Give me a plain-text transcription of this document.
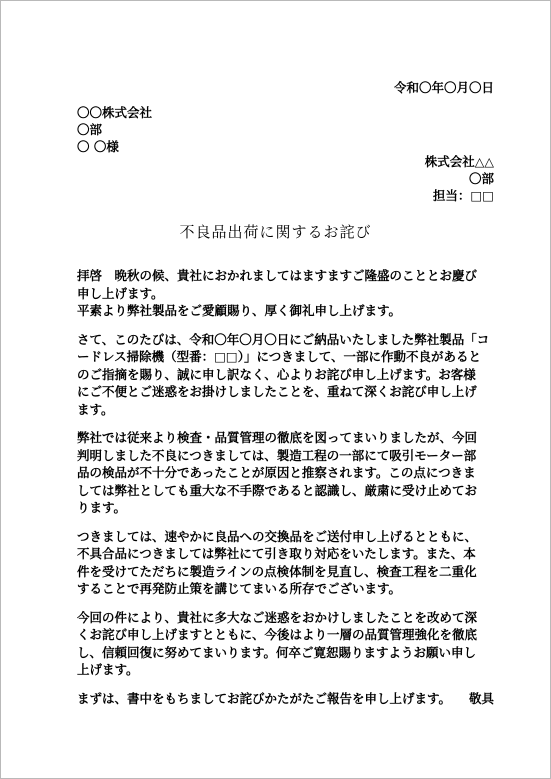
令和〇年〇月〇日
〇〇株式会社
〇部
〇 〇様
株式会社△△
〇部
担当：□□
不良品出荷に関するお詫び

拝啓　晩秋の候、貴社におかれましてはますますご隆盛のこととお慶び
申し上げます。
平素より弊社製品をご愛顧賜り、厚く御礼申し上げます。

さて、このたびは、令和〇年〇月〇日にご納品いたしました弊社製品「コ
ードレス掃除機（型番：□□）」につきまして、一部に作動不良があると
のご指摘を賜り、誠に申し訳なく、心よりお詫び申し上げます。お客様
にご不便とご迷惑をお掛けしましたことを、重ねて深くお詫び申し上げ
ます。

弊社では従来より検査・品質管理の徹底を図ってまいりましたが、今回
判明しました不良につきましては、製造工程の一部にて吸引モーター部
品の検品が不十分であったことが原因と推察されます。この点につきま
しては弊社としても重大な不手際であると認識し、厳粛に受け止めてお
ります。

つきましては、速やかに良品への交換品をご送付申し上げるとともに、
不具合品につきましては弊社にて引き取り対応をいたします。また、本
件を受けてただちに製造ラインの点検体制を見直し、検査工程を二重化
することで再発防止策を講じてまいる所存でございます。

今回の件により、貴社に多大なご迷惑をおかけしましたことを改めて深
くお詫び申し上げますとともに、今後はより一層の品質管理強化を徹底
し、信頼回復に努めてまいります。何卒ご寛恕賜りますようお願い申し
上げます。

まずは、書中をもちましてお詫びかたがたご報告を申し上げます。	敬具
